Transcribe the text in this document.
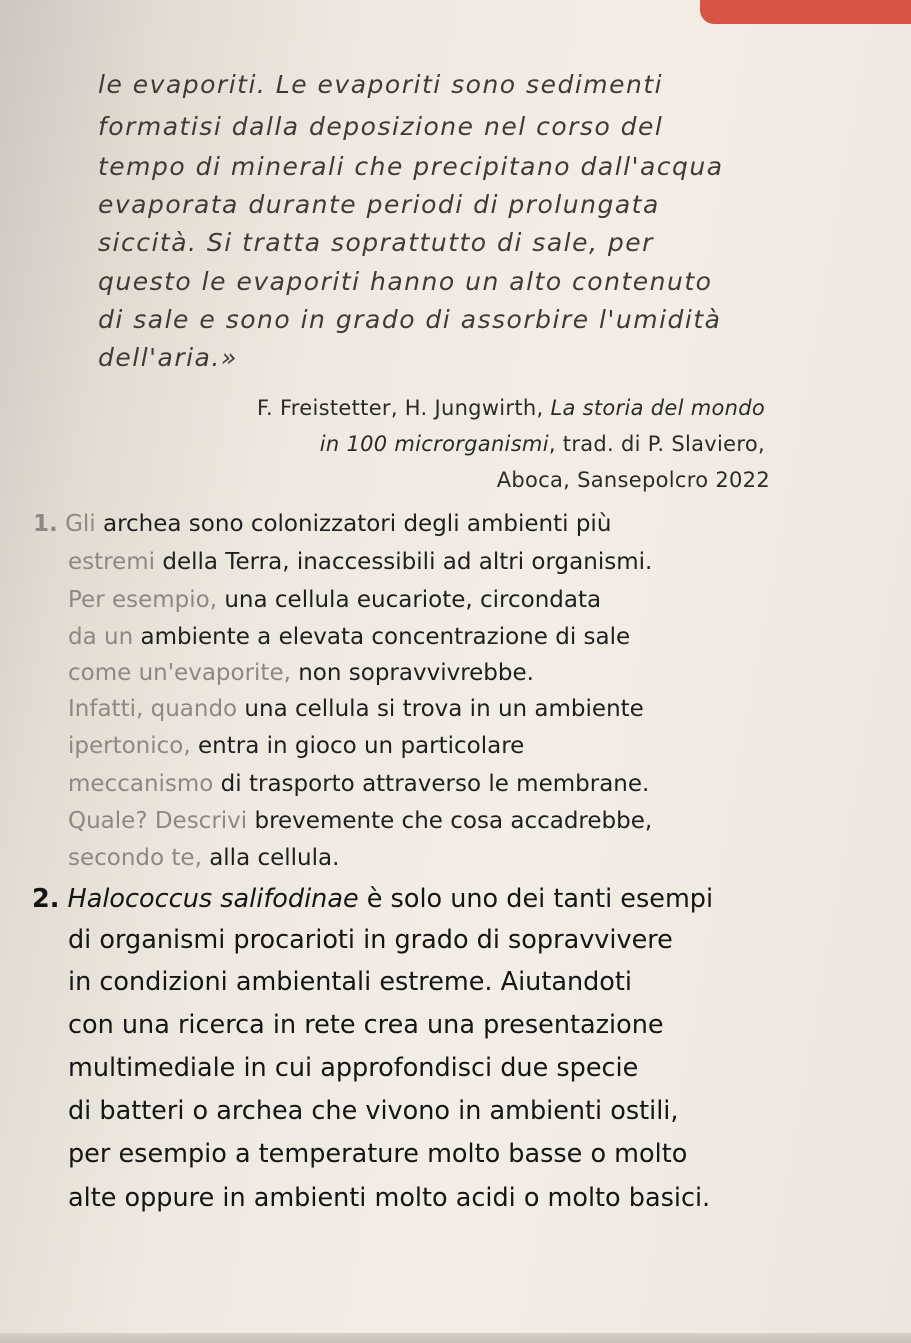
le evaporiti. Le evaporiti sono sedimenti
formatisi dalla deposizione nel corso del
tempo di minerali che precipitano dall'acqua
evaporata durante periodi di prolungata
siccità. Si tratta soprattutto di sale, per
questo le evaporiti hanno un alto contenuto
di sale e sono in grado di assorbire l'umidità
dell'aria.»
F. Freistetter, H. Jungwirth, La storia del mondo
in 100 microrganismi, trad. di P. Slaviero,
Aboca, Sansepolcro 2022
1. Gli archea sono colonizzatori degli ambienti più
estremi della Terra, inaccessibili ad altri organismi.
Per esempio, una cellula eucariote, circondata
da un ambiente a elevata concentrazione di sale
come un'evaporite, non sopravvivrebbe.
Infatti, quando una cellula si trova in un ambiente
ipertonico, entra in gioco un particolare
meccanismo di trasporto attraverso le membrane.
Quale? Descrivi brevemente che cosa accadrebbe,
secondo te, alla cellula.
2. Halococcus salifodinae è solo uno dei tanti esempi
di organismi procarioti in grado di sopravvivere
in condizioni ambientali estreme. Aiutandoti
con una ricerca in rete crea una presentazione
multimediale in cui approfondisci due specie
di batteri o archea che vivono in ambienti ostili,
per esempio a temperature molto basse o molto
alte oppure in ambienti molto acidi o molto basici.
